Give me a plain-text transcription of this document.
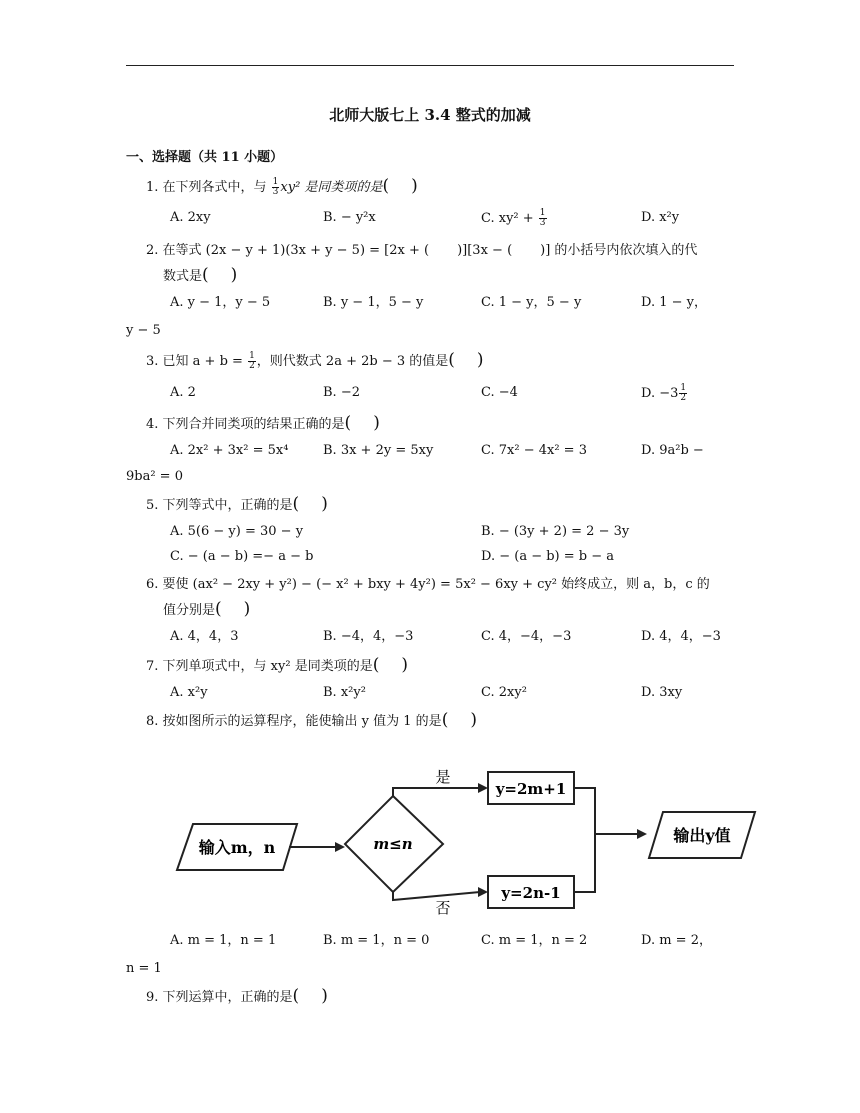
北师大版七上 3.4 整式的加减
一、选择题（共 11 小题）
1. 在下列各式中，与 $\frac{1}{3} xy^2$ 是同类项的是( )
A. 2xy	B. − y²x	C. $xy^2 + \frac{1}{3}$	D. x²y
2. 在等式 (2x − y + 1)(3x + y − 5) = [2x + ( )][3x − ( )] 的小括号内依次填入的代
数式是( )
A. y − 1，y − 5	B. y − 1，5 − y	C. 1 − y，5 − y	D. 1 − y，
y − 5
3. 已知 $a + b = \frac{1}{2}$ ，则代数式 2a + 2b − 3 的值是( )
A. 2	B. −2	C. −4	D. $-3 \frac{1}{2}$
4. 下列合并同类项的结果正确的是( )
A. 2x² + 3x² = 5x⁴	B. 3x + 2y = 5xy	C. 7x² − 4x² = 3	D. 9a²b −
9ba² = 0
5. 下列等式中，正确的是( )
A. 5(6 − y) = 30 − y	B. − (3y + 2) = 2 − 3y
C. − (a − b) =− a − b	D. − (a − b) = b − a
6. 要使 (ax² − 2xy + y²) − (− x² + bxy + 4y²) = 5x² − 6xy + cy² 始终成立，则 a，b，c 的
值分别是( )
A. 4，4，3	B. −4，4，−3	C. 4，−4，−3	D. 4，4，−3
7. 下列单项式中，与 xy² 是同类项的是( )
A. x²y	B. x²y²	C. 2xy²	D. 3xy
8. 按如图所示的运算程序，能使输出 y 值为 1 的是( )
输入m，n	m≤n
是
y=2m+1
否
y=2n-1
输出y值
A. m = 1，n = 1	B. m = 1，n = 0	C. m = 1，n = 2	D. m = 2，
n = 1
9. 下列运算中，正确的是( )
